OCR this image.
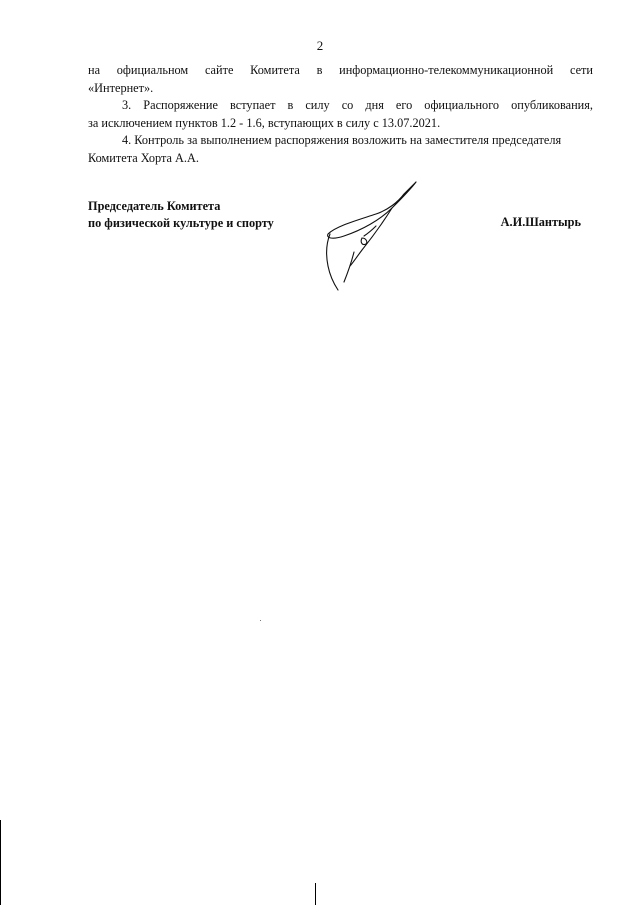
2

на официальном сайте Комитета в информационно-телекоммуникационной сети

«Интернет».

3. Распоряжение вступает в силу со дня его официального опубликования,

за исключением пунктов 1.2 - 1.6, вступающих в силу с 13.07.2021.

4. Контроль за выполнением распоряжения возложить на заместителя председателя

Комитета Хорта А.А.

Председатель Комитета
по физической культуре и спорту	А.И.Шантырь
